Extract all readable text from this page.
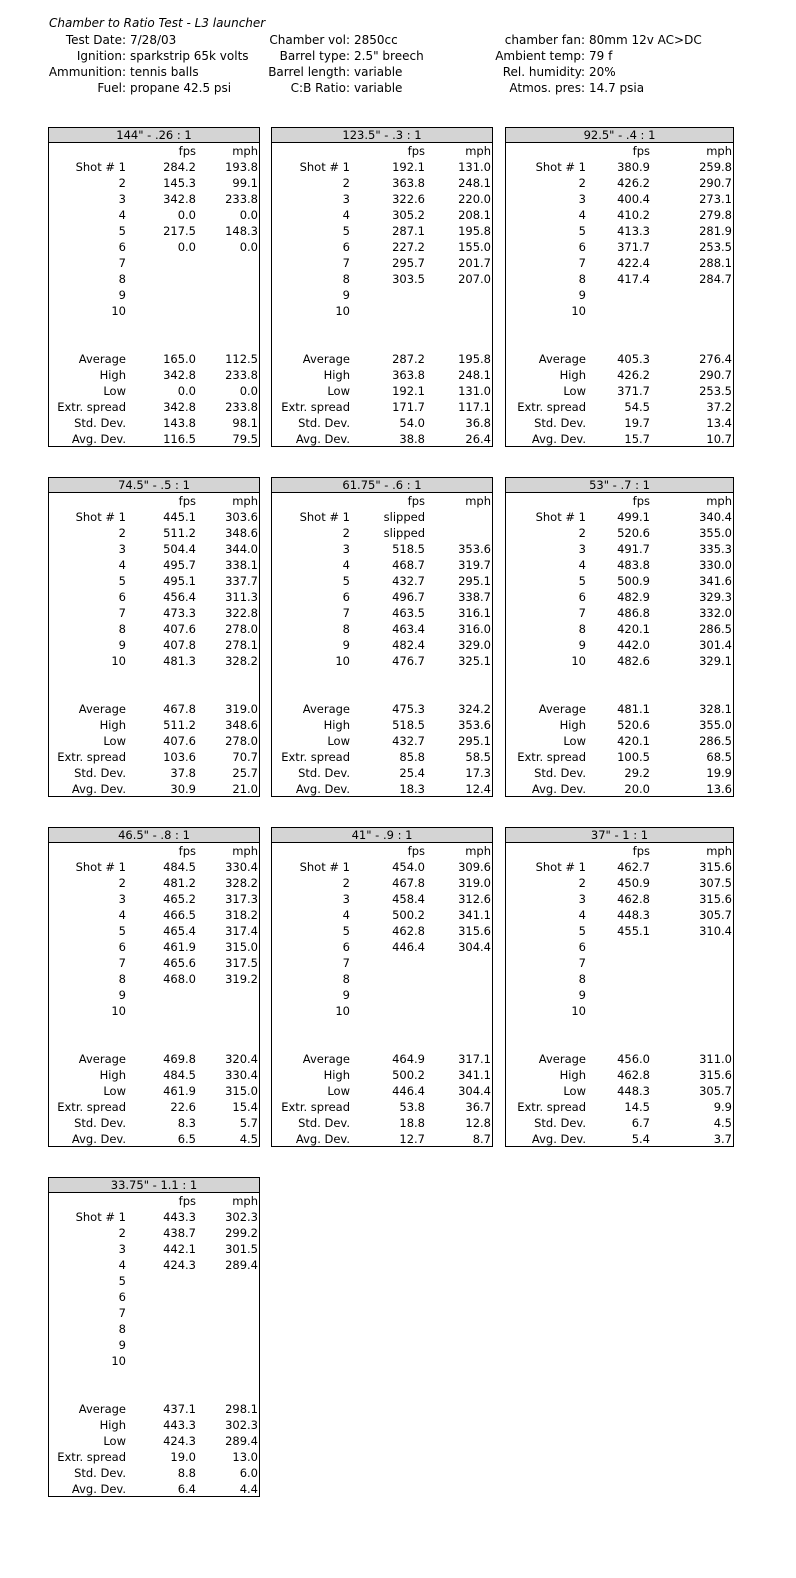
Chamber to Ratio Test - L3 launcher
Test Date: 7/28/03
Ignition: sparkstrip 65k volts
Ammunition: tennis balls
Fuel: propane 42.5 psi
Chamber vol: 2850cc
Barrel type: 2.5" breech
Barrel length: variable
C:B Ratio: variable
chamber fan: 80mm 12v AC>DC
Ambient temp: 79 f
Rel. humidity: 20%
Atmos. pres: 14.7 psia
144" - .26 : 1
fps	mph
Shot # 1	284.2	193.8
2	145.3	99.1
3	342.8	233.8
4	0.0	0.0
5	217.5	148.3
6	0.0	0.0
7
8
9
10
Average	165.0	112.5
High	342.8	233.8
Low	0.0	0.0
Extr. spread	342.8	233.8
Std. Dev.	143.8	98.1
Avg. Dev.	116.5	79.5
123.5" - .3 : 1
fps	mph
Shot # 1	192.1	131.0
2	363.8	248.1
3	322.6	220.0
4	305.2	208.1
5	287.1	195.8
6	227.2	155.0
7	295.7	201.7
8	303.5	207.0
9
10
Average	287.2	195.8
High	363.8	248.1
Low	192.1	131.0
Extr. spread	171.7	117.1
Std. Dev.	54.0	36.8
Avg. Dev.	38.8	26.4
92.5" - .4 : 1
fps	mph
Shot # 1	380.9	259.8
2	426.2	290.7
3	400.4	273.1
4	410.2	279.8
5	413.3	281.9
6	371.7	253.5
7	422.4	288.1
8	417.4	284.7
9
10
Average	405.3	276.4
High	426.2	290.7
Low	371.7	253.5
Extr. spread	54.5	37.2
Std. Dev.	19.7	13.4
Avg. Dev.	15.7	10.7
74.5" - .5 : 1
fps	mph
Shot # 1	445.1	303.6
2	511.2	348.6
3	504.4	344.0
4	495.7	338.1
5	495.1	337.7
6	456.4	311.3
7	473.3	322.8
8	407.6	278.0
9	407.8	278.1
10	481.3	328.2
Average	467.8	319.0
High	511.2	348.6
Low	407.6	278.0
Extr. spread	103.6	70.7
Std. Dev.	37.8	25.7
Avg. Dev.	30.9	21.0
61.75" - .6 : 1
fps	mph
Shot # 1	slipped
2	slipped
3	518.5	353.6
4	468.7	319.7
5	432.7	295.1
6	496.7	338.7
7	463.5	316.1
8	463.4	316.0
9	482.4	329.0
10	476.7	325.1
Average	475.3	324.2
High	518.5	353.6
Low	432.7	295.1
Extr. spread	85.8	58.5
Std. Dev.	25.4	17.3
Avg. Dev.	18.3	12.4
53" - .7 : 1
fps	mph
Shot # 1	499.1	340.4
2	520.6	355.0
3	491.7	335.3
4	483.8	330.0
5	500.9	341.6
6	482.9	329.3
7	486.8	332.0
8	420.1	286.5
9	442.0	301.4
10	482.6	329.1
Average	481.1	328.1
High	520.6	355.0
Low	420.1	286.5
Extr. spread	100.5	68.5
Std. Dev.	29.2	19.9
Avg. Dev.	20.0	13.6
46.5" - .8 : 1
fps	mph
Shot # 1	484.5	330.4
2	481.2	328.2
3	465.2	317.3
4	466.5	318.2
5	465.4	317.4
6	461.9	315.0
7	465.6	317.5
8	468.0	319.2
9
10
Average	469.8	320.4
High	484.5	330.4
Low	461.9	315.0
Extr. spread	22.6	15.4
Std. Dev.	8.3	5.7
Avg. Dev.	6.5	4.5
41" - .9 : 1
fps	mph
Shot # 1	454.0	309.6
2	467.8	319.0
3	458.4	312.6
4	500.2	341.1
5	462.8	315.6
6	446.4	304.4
7
8
9
10
Average	464.9	317.1
High	500.2	341.1
Low	446.4	304.4
Extr. spread	53.8	36.7
Std. Dev.	18.8	12.8
Avg. Dev.	12.7	8.7
37" - 1 : 1
fps	mph
Shot # 1	462.7	315.6
2	450.9	307.5
3	462.8	315.6
4	448.3	305.7
5	455.1	310.4
6
7
8
9
10
Average	456.0	311.0
High	462.8	315.6
Low	448.3	305.7
Extr. spread	14.5	9.9
Std. Dev.	6.7	4.5
Avg. Dev.	5.4	3.7
33.75" - 1.1 : 1
fps	mph
Shot # 1	443.3	302.3
2	438.7	299.2
3	442.1	301.5
4	424.3	289.4
5
6
7
8
9
10
Average	437.1	298.1
High	443.3	302.3
Low	424.3	289.4
Extr. spread	19.0	13.0
Std. Dev.	8.8	6.0
Avg. Dev.	6.4	4.4
